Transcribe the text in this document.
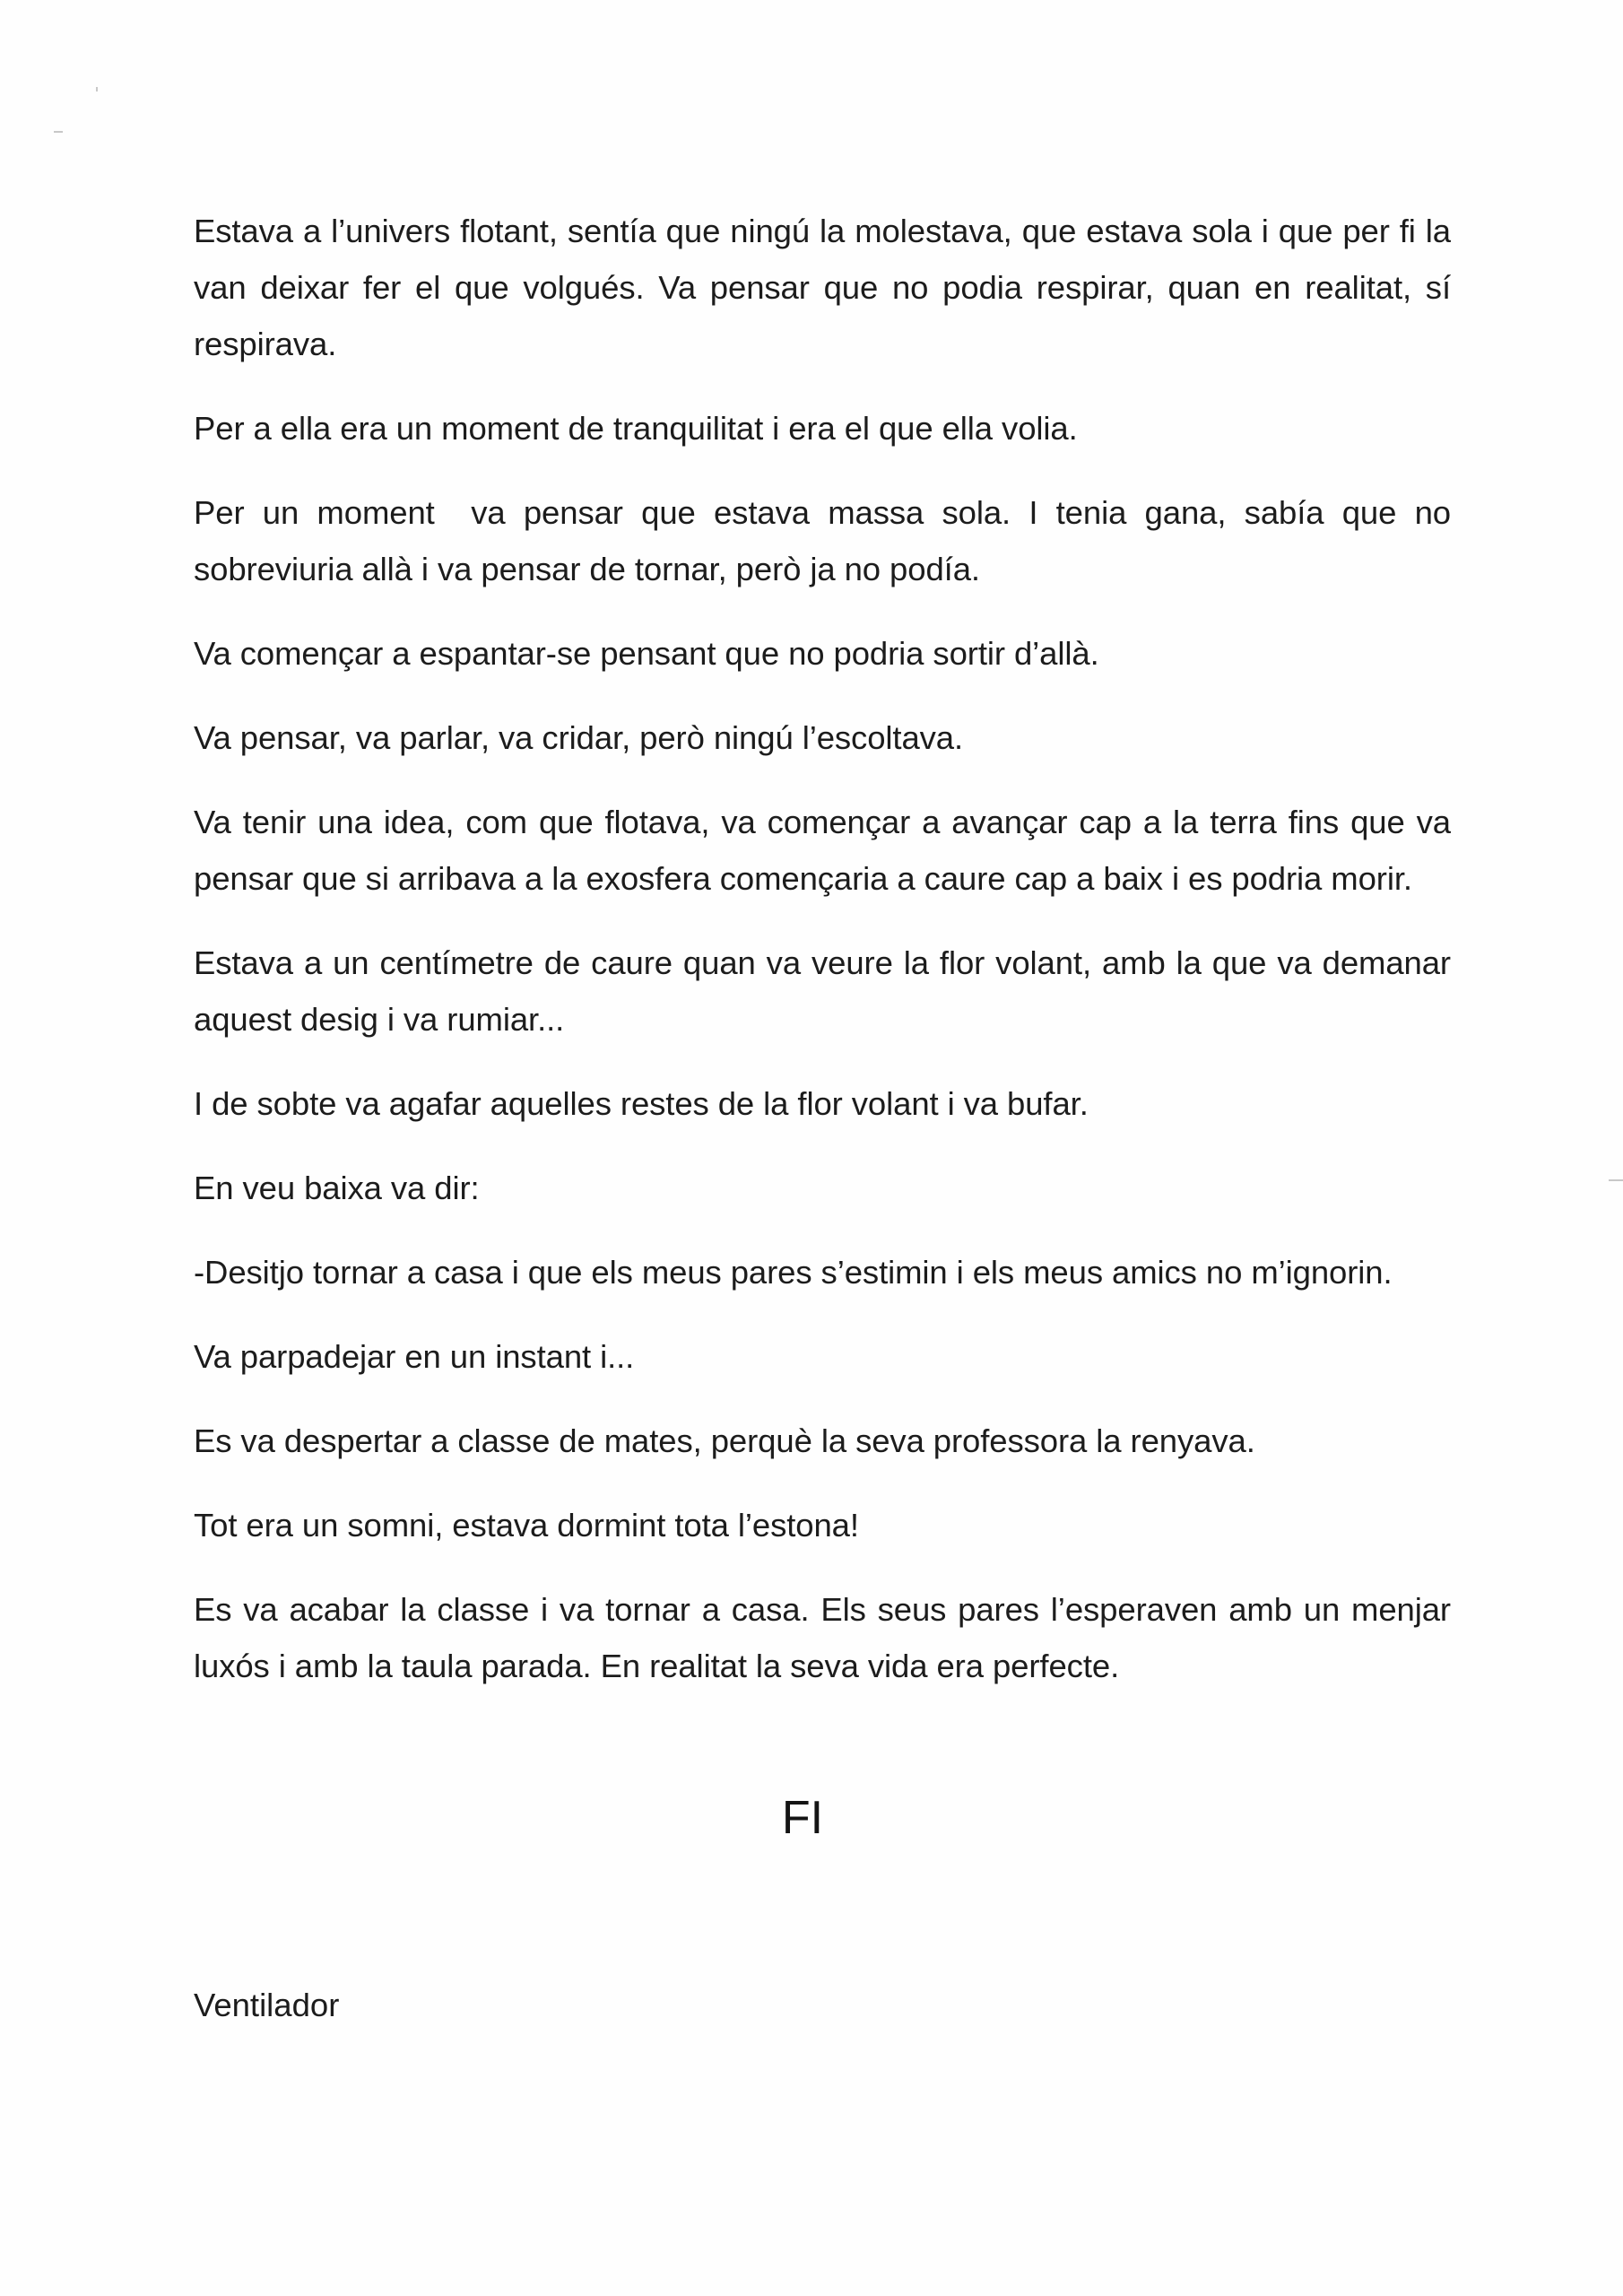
Estava a l’univers flotant, sentía que ningú la molestava, que estava sola i que per fi la van deixar fer el que volgués. Va pensar que no podia respirar, quan en realitat, sí respirava.

Per a ella era un moment de tranquilitat i era el que ella volia.

Per un moment  va pensar que estava massa sola. I tenia gana, sabía que no sobreviuria allà i va pensar de tornar, però ja no podía.

Va començar a espantar-se pensant que no podria sortir d’allà.

Va pensar, va parlar, va cridar, però ningú l’escoltava.

Va tenir una idea, com que flotava, va començar a avançar cap a la terra fins que va pensar que si arribava a la exosfera començaria a caure cap a baix i es podria morir.

Estava a un centímetre de caure quan va veure la flor volant, amb la que va demanar aquest desig i va rumiar...

I de sobte va agafar aquelles restes de la flor volant i va bufar.

En veu baixa va dir:

-Desitjo tornar a casa i que els meus pares s’estimin i els meus amics no m’ignorin.

Va parpadejar en un instant i...

Es va despertar a classe de mates, perquè la seva professora la renyava.

Tot era un somni, estava dormint tota l’estona!

Es va acabar la classe i va tornar a casa. Els seus pares l’esperaven amb un menjar luxós i amb la taula parada. En realitat la seva vida era perfecte.

FI
Ventilador
